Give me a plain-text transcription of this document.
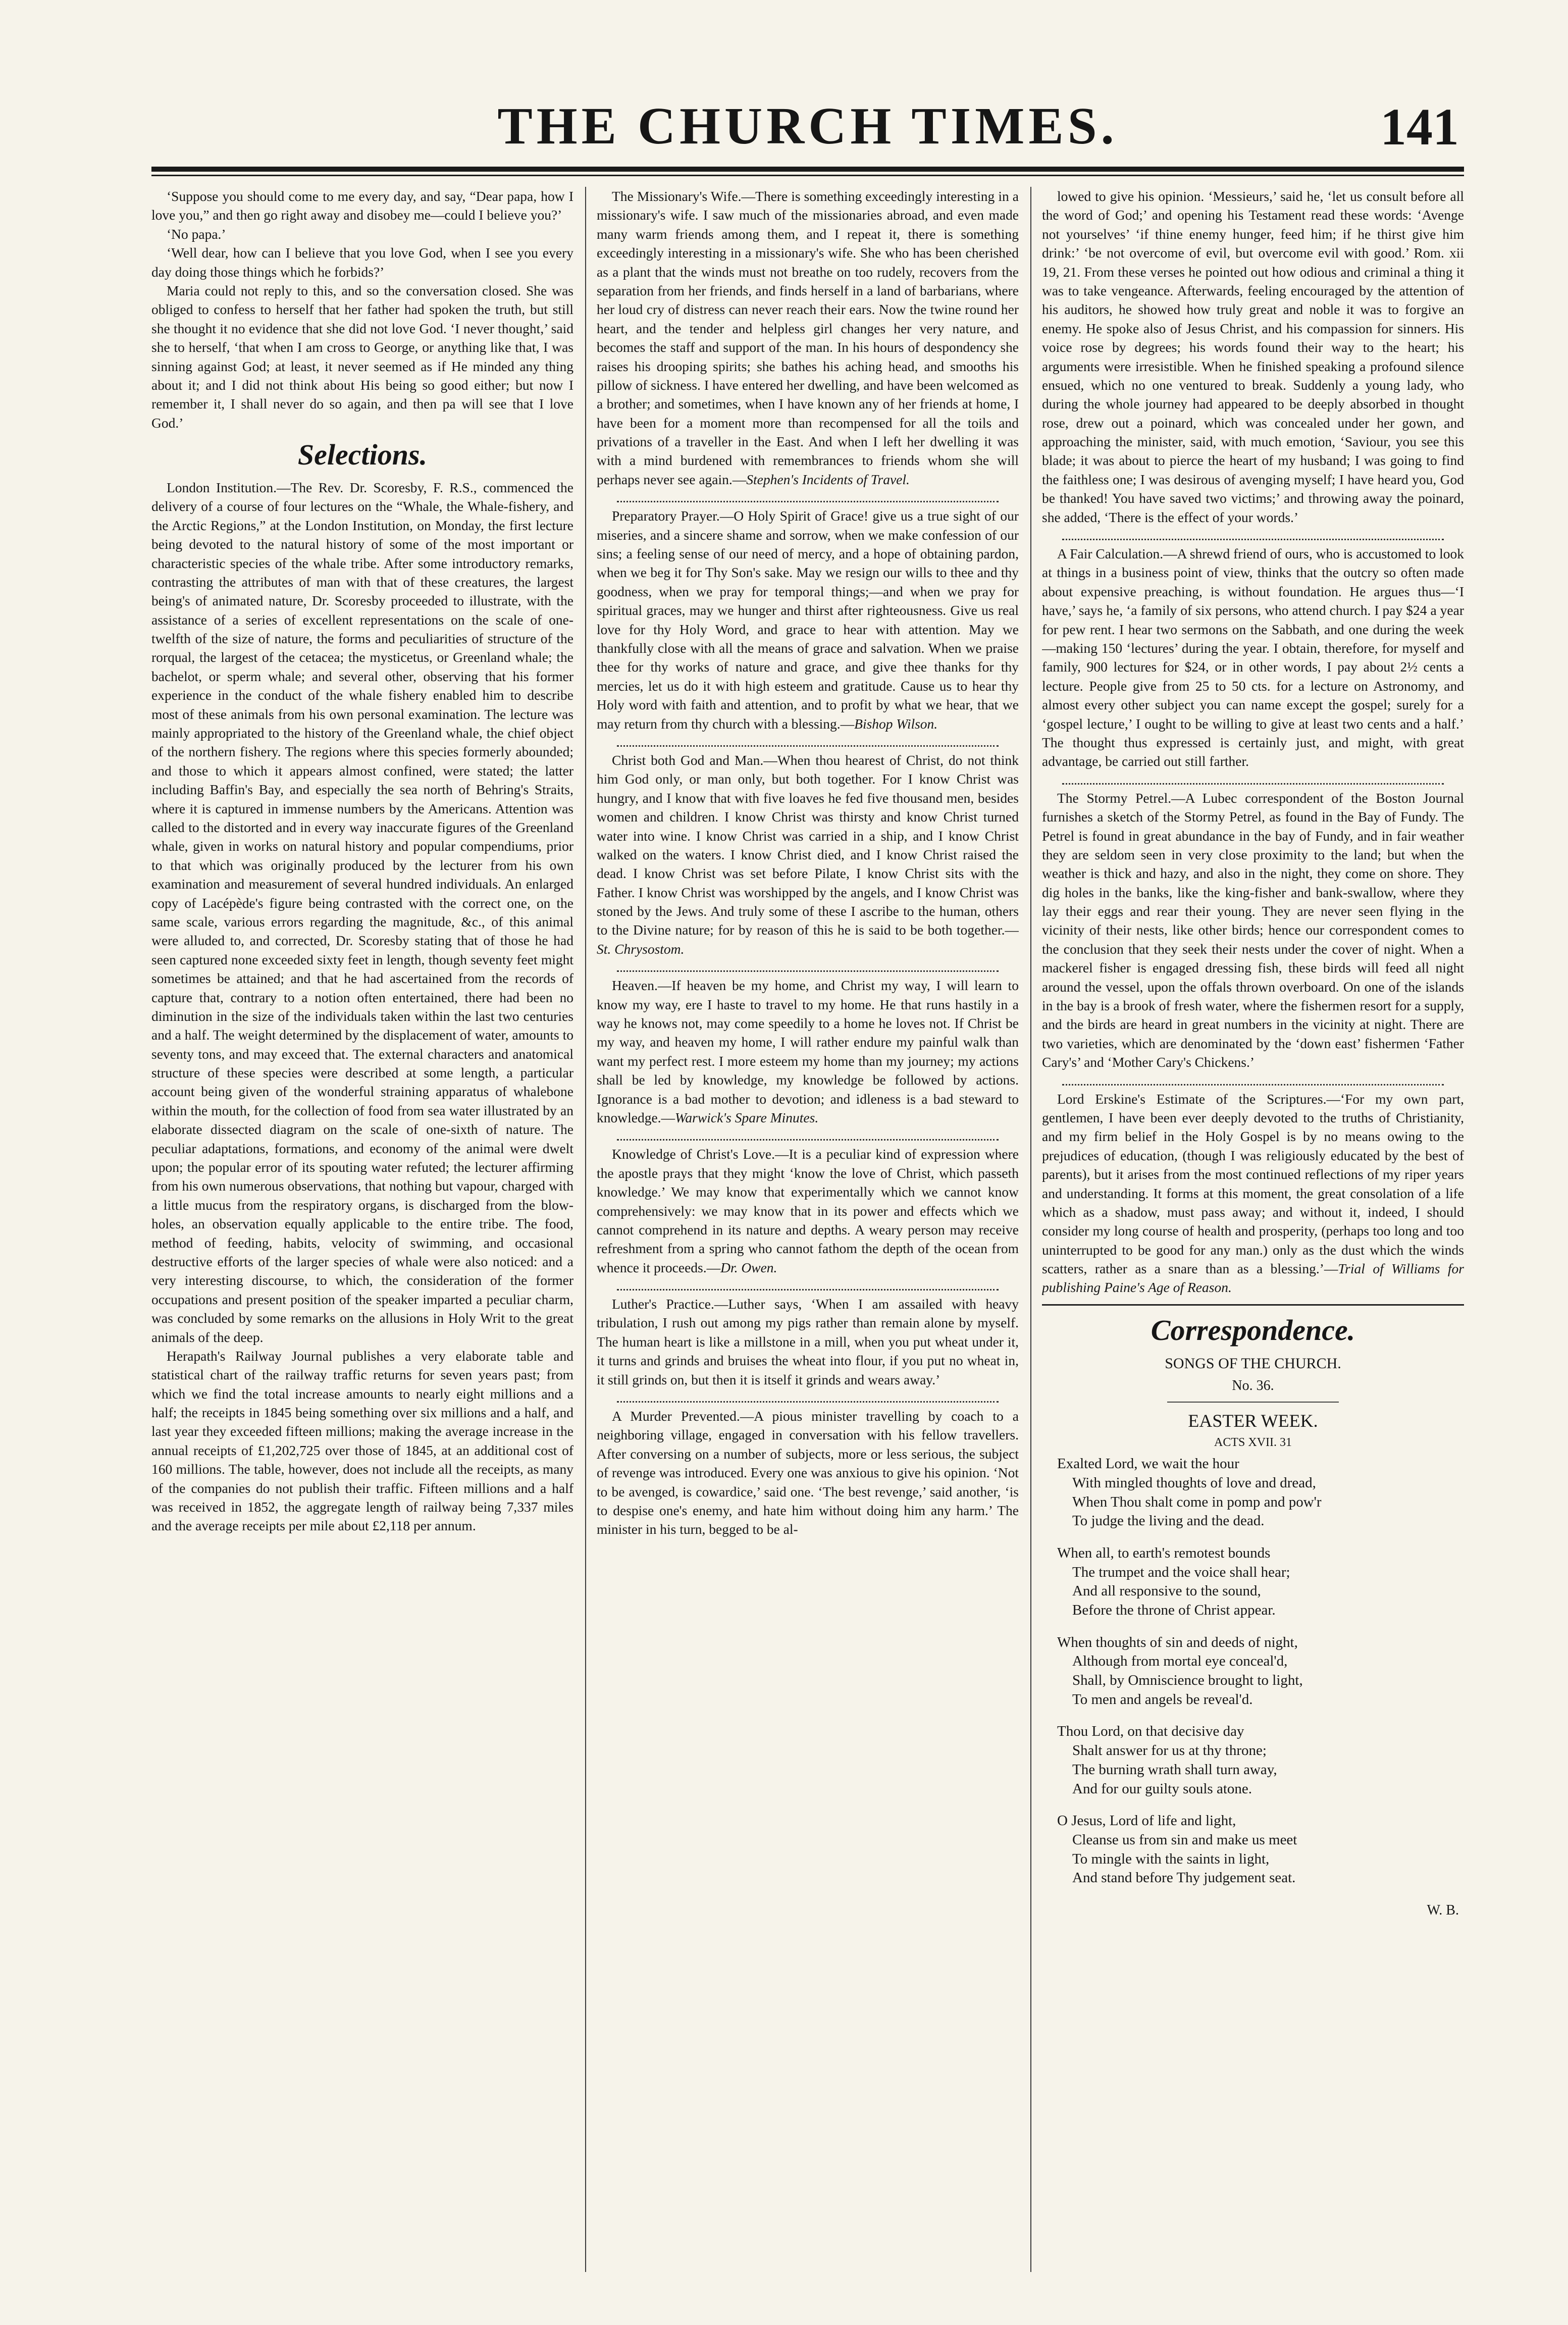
THE CHURCH TIMES.	141

‘Suppose you should come to me every day, and say, “Dear papa, how I love you,” and then go right away and disobey me—could I believe you?’

‘No papa.’

‘Well dear, how can I believe that you love God, when I see you every day doing those things which he forbids?’

Maria could not reply to this, and so the conversation closed. She was obliged to confess to herself that her father had spoken the truth, but still she thought it no evidence that she did not love God. ‘I never thought,’ said she to herself, ‘that when I am cross to George, or anything like that, I was sinning against God; at least, it never seemed as if He minded any thing about it; and I did not think about His being so good either; but now I remember it, I shall never do so again, and then pa will see that I love God.’

Selections.

London Institution.—The Rev. Dr. Scoresby, F. R.S., commenced the delivery of a course of four lectures on the “Whale, the Whale-fishery, and the Arctic Regions,” at the London Institution, on Monday, the first lecture being devoted to the natural history of some of the most important or characteristic species of the whale tribe. After some introductory remarks, contrasting the attributes of man with that of these creatures, the largest being's of animated nature, Dr. Scoresby proceeded to illustrate, with the assistance of a series of excellent representations on the scale of one-twelfth of the size of nature, the forms and peculiarities of structure of the rorqual, the largest of the cetacea; the mysticetus, or Greenland whale; the bachelot, or sperm whale; and several other, observing that his former experience in the conduct of the whale fishery enabled him to describe most of these animals from his own personal examination. The lecture was mainly appropriated to the history of the Greenland whale, the chief object of the northern fishery. The regions where this species formerly abounded; and those to which it appears almost confined, were stated; the latter including Baffin's Bay, and especially the sea north of Behring's Straits, where it is captured in immense numbers by the Americans. Attention was called to the distorted and in every way inaccurate figures of the Greenland whale, given in works on natural history and popular compendiums, prior to that which was originally produced by the lecturer from his own examination and measurement of several hundred individuals. An enlarged copy of Lacépède's figure being contrasted with the correct one, on the same scale, various errors regarding the magnitude, &c., of this animal were alluded to, and corrected, Dr. Scoresby stating that of those he had seen captured none exceeded sixty feet in length, though seventy feet might sometimes be attained; and that he had ascertained from the records of capture that, contrary to a notion often entertained, there had been no diminution in the size of the individuals taken within the last two centuries and a half. The weight determined by the displacement of water, amounts to seventy tons, and may exceed that. The external characters and anatomical structure of these species were described at some length, a particular account being given of the wonderful straining apparatus of whalebone within the mouth, for the collection of food from sea water illustrated by an elaborate dissected diagram on the scale of one-sixth of nature. The peculiar adaptations, formations, and economy of the animal were dwelt upon; the popular error of its spouting water refuted; the lecturer affirming from his own numerous observations, that nothing but vapour, charged with a little mucus from the respiratory organs, is discharged from the blow-holes, an observation equally applicable to the entire tribe. The food, method of feeding, habits, velocity of swimming, and occasional destructive efforts of the larger species of whale were also noticed: and a very interesting discourse, to which, the consideration of the former occupations and present position of the speaker imparted a peculiar charm, was concluded by some remarks on the allusions in Holy Writ to the great animals of the deep.

Herapath's Railway Journal publishes a very elaborate table and statistical chart of the railway traffic returns for seven years past; from which we find the total increase amounts to nearly eight millions and a half; the receipts in 1845 being something over six millions and a half, and last year they exceeded fifteen millions; making the average increase in the annual receipts of £1,202,725 over those of 1845, at an additional cost of 160 millions. The table, however, does not include all the receipts, as many of the companies do not publish their traffic. Fifteen millions and a half was received in 1852, the aggregate length of railway being 7,337 miles and the average receipts per mile about £2,118 per annum.

The Missionary's Wife.—There is something exceedingly interesting in a missionary's wife. I saw much of the missionaries abroad, and even made many warm friends among them, and I repeat it, there is something exceedingly interesting in a missionary's wife. She who has been cherished as a plant that the winds must not breathe on too rudely, recovers from the separation from her friends, and finds herself in a land of barbarians, where her loud cry of distress can never reach their ears. Now the twine round her heart, and the tender and helpless girl changes her very nature, and becomes the staff and support of the man. In his hours of despondency she raises his drooping spirits; she bathes his aching head, and smooths his pillow of sickness. I have entered her dwelling, and have been welcomed as a brother; and sometimes, when I have known any of her friends at home, I have been for a moment more than recompensed for all the toils and privations of a traveller in the East. And when I left her dwelling it was with a mind burdened with remembrances to friends whom she will perhaps never see again.—Stephen's Incidents of Travel.

Preparatory Prayer.—O Holy Spirit of Grace! give us a true sight of our miseries, and a sincere shame and sorrow, when we make confession of our sins; a feeling sense of our need of mercy, and a hope of obtaining pardon, when we beg it for Thy Son's sake. May we resign our wills to thee and thy goodness, when we pray for temporal things;—and when we pray for spiritual graces, may we hunger and thirst after righteousness. Give us real love for thy Holy Word, and grace to hear with attention. May we thankfully close with all the means of grace and salvation. When we praise thee for thy works of nature and grace, and give thee thanks for thy mercies, let us do it with high esteem and gratitude. Cause us to hear thy Holy word with faith and attention, and to profit by what we hear, that we may return from thy church with a blessing.—Bishop Wilson.

Christ both God and Man.—When thou hearest of Christ, do not think him God only, or man only, but both together. For I know Christ was hungry, and I know that with five loaves he fed five thousand men, besides women and children. I know Christ was thirsty and know Christ turned water into wine. I know Christ was carried in a ship, and I know Christ walked on the waters. I know Christ died, and I know Christ raised the dead. I know Christ was set before Pilate, I know Christ sits with the Father. I know Christ was worshipped by the angels, and I know Christ was stoned by the Jews. And truly some of these I ascribe to the human, others to the Divine nature; for by reason of this he is said to be both together.—St. Chrysostom.

Heaven.—If heaven be my home, and Christ my way, I will learn to know my way, ere I haste to travel to my home. He that runs hastily in a way he knows not, may come speedily to a home he loves not. If Christ be my way, and heaven my home, I will rather endure my painful walk than want my perfect rest. I more esteem my home than my journey; my actions shall be led by knowledge, my knowledge be followed by actions. Ignorance is a bad mother to devotion; and idleness is a bad steward to knowledge.—Warwick's Spare Minutes.

Knowledge of Christ's Love.—It is a peculiar kind of expression where the apostle prays that they might ‘know the love of Christ, which passeth knowledge.’ We may know that experimentally which we cannot know comprehensively: we may know that in its power and effects which we cannot comprehend in its nature and depths. A weary person may receive refreshment from a spring who cannot fathom the depth of the ocean from whence it proceeds.—Dr. Owen.

Luther's Practice.—Luther says, ‘When I am assailed with heavy tribulation, I rush out among my pigs rather than remain alone by myself. The human heart is like a millstone in a mill, when you put wheat under it, it turns and grinds and bruises the wheat into flour, if you put no wheat in, it still grinds on, but then it is itself it grinds and wears away.’

A Murder Prevented.—A pious minister travelling by coach to a neighboring village, engaged in conversation with his fellow travellers. After conversing on a number of subjects, more or less serious, the subject of revenge was introduced. Every one was anxious to give his opinion. ‘Not to be avenged, is cowardice,’ said one. ‘The best revenge,’ said another, ‘is to despise one's enemy, and hate him without doing him any harm.’ The minister in his turn, begged to be al-

lowed to give his opinion. ‘Messieurs,’ said he, ‘let us consult before all the word of God;’ and opening his Testament read these words: ‘Avenge not yourselves’ ‘if thine enemy hunger, feed him; if he thirst give him drink:’ ‘be not overcome of evil, but overcome evil with good.’ Rom. xii 19, 21. From these verses he pointed out how odious and criminal a thing it was to take vengeance. Afterwards, feeling encouraged by the attention of his auditors, he showed how truly great and noble it was to forgive an enemy. He spoke also of Jesus Christ, and his compassion for sinners. His voice rose by degrees; his words found their way to the heart; his arguments were irresistible. When he finished speaking a profound silence ensued, which no one ventured to break. Suddenly a young lady, who during the whole journey had appeared to be deeply absorbed in thought rose, drew out a poinard, which was concealed under her gown, and approaching the minister, said, with much emotion, ‘Saviour, you see this blade; it was about to pierce the heart of my husband; I was going to find the faithless one; I was desirous of avenging myself; I have heard you, God be thanked! You have saved two victims;’ and throwing away the poinard, she added, ‘There is the effect of your words.’

A Fair Calculation.—A shrewd friend of ours, who is accustomed to look at things in a business point of view, thinks that the outcry so often made about expensive preaching, is without foundation. He argues thus—‘I have,’ says he, ‘a family of six persons, who attend church. I pay $24 a year for pew rent. I hear two sermons on the Sabbath, and one during the week—making 150 ‘lectures’ during the year. I obtain, therefore, for myself and family, 900 lectures for $24, or in other words, I pay about 2½ cents a lecture. People give from 25 to 50 cts. for a lecture on Astronomy, and almost every other subject you can name except the gospel; surely for a ‘gospel lecture,’ I ought to be willing to give at least two cents and a half.’ The thought thus expressed is certainly just, and might, with great advantage, be carried out still farther.

The Stormy Petrel.—A Lubec correspondent of the Boston Journal furnishes a sketch of the Stormy Petrel, as found in the Bay of Fundy. The Petrel is found in great abundance in the bay of Fundy, and in fair weather they are seldom seen in very close proximity to the land; but when the weather is thick and hazy, and also in the night, they come on shore. They dig holes in the banks, like the king-fisher and bank-swallow, where they lay their eggs and rear their young. They are never seen flying in the vicinity of their nests, like other birds; hence our correspondent comes to the conclusion that they seek their nests under the cover of night. When a mackerel fisher is engaged dressing fish, these birds will feed all night around the vessel, upon the offals thrown overboard. On one of the islands in the bay is a brook of fresh water, where the fishermen resort for a supply, and the birds are heard in great numbers in the vicinity at night. There are two varieties, which are denominated by the ‘down east’ fishermen ‘Father Cary's’ and ‘Mother Cary's Chickens.’

Lord Erskine's Estimate of the Scriptures.—‘For my own part, gentlemen, I have been ever deeply devoted to the truths of Christianity, and my firm belief in the Holy Gospel is by no means owing to the prejudices of education, (though I was religiously educated by the best of parents), but it arises from the most continued reflections of my riper years and understanding. It forms at this moment, the great consolation of a life which as a shadow, must pass away; and without it, indeed, I should consider my long course of health and prosperity, (perhaps too long and too uninterrupted to be good for any man.) only as the dust which the winds scatters, rather as a snare than as a blessing.’—Trial of Williams for publishing Paine's Age of Reason.

Correspondence.
SONGS OF THE CHURCH.
No. 36.
EASTER WEEK.
ACTS XVII. 31
Exalted Lord, we wait the hour
With mingled thoughts of love and dread,
When Thou shalt come in pomp and pow'r
To judge the living and the dead.
When all, to earth's remotest bounds
The trumpet and the voice shall hear;
And all responsive to the sound,
Before the throne of Christ appear.
When thoughts of sin and deeds of night,
Although from mortal eye conceal'd,
Shall, by Omniscience brought to light,
To men and angels be reveal'd.
Thou Lord, on that decisive day
Shalt answer for us at thy throne;
The burning wrath shall turn away,
And for our guilty souls atone.
O Jesus, Lord of life and light,
Cleanse us from sin and make us meet
To mingle with the saints in light,
And stand before Thy judgement seat.
W. B.
